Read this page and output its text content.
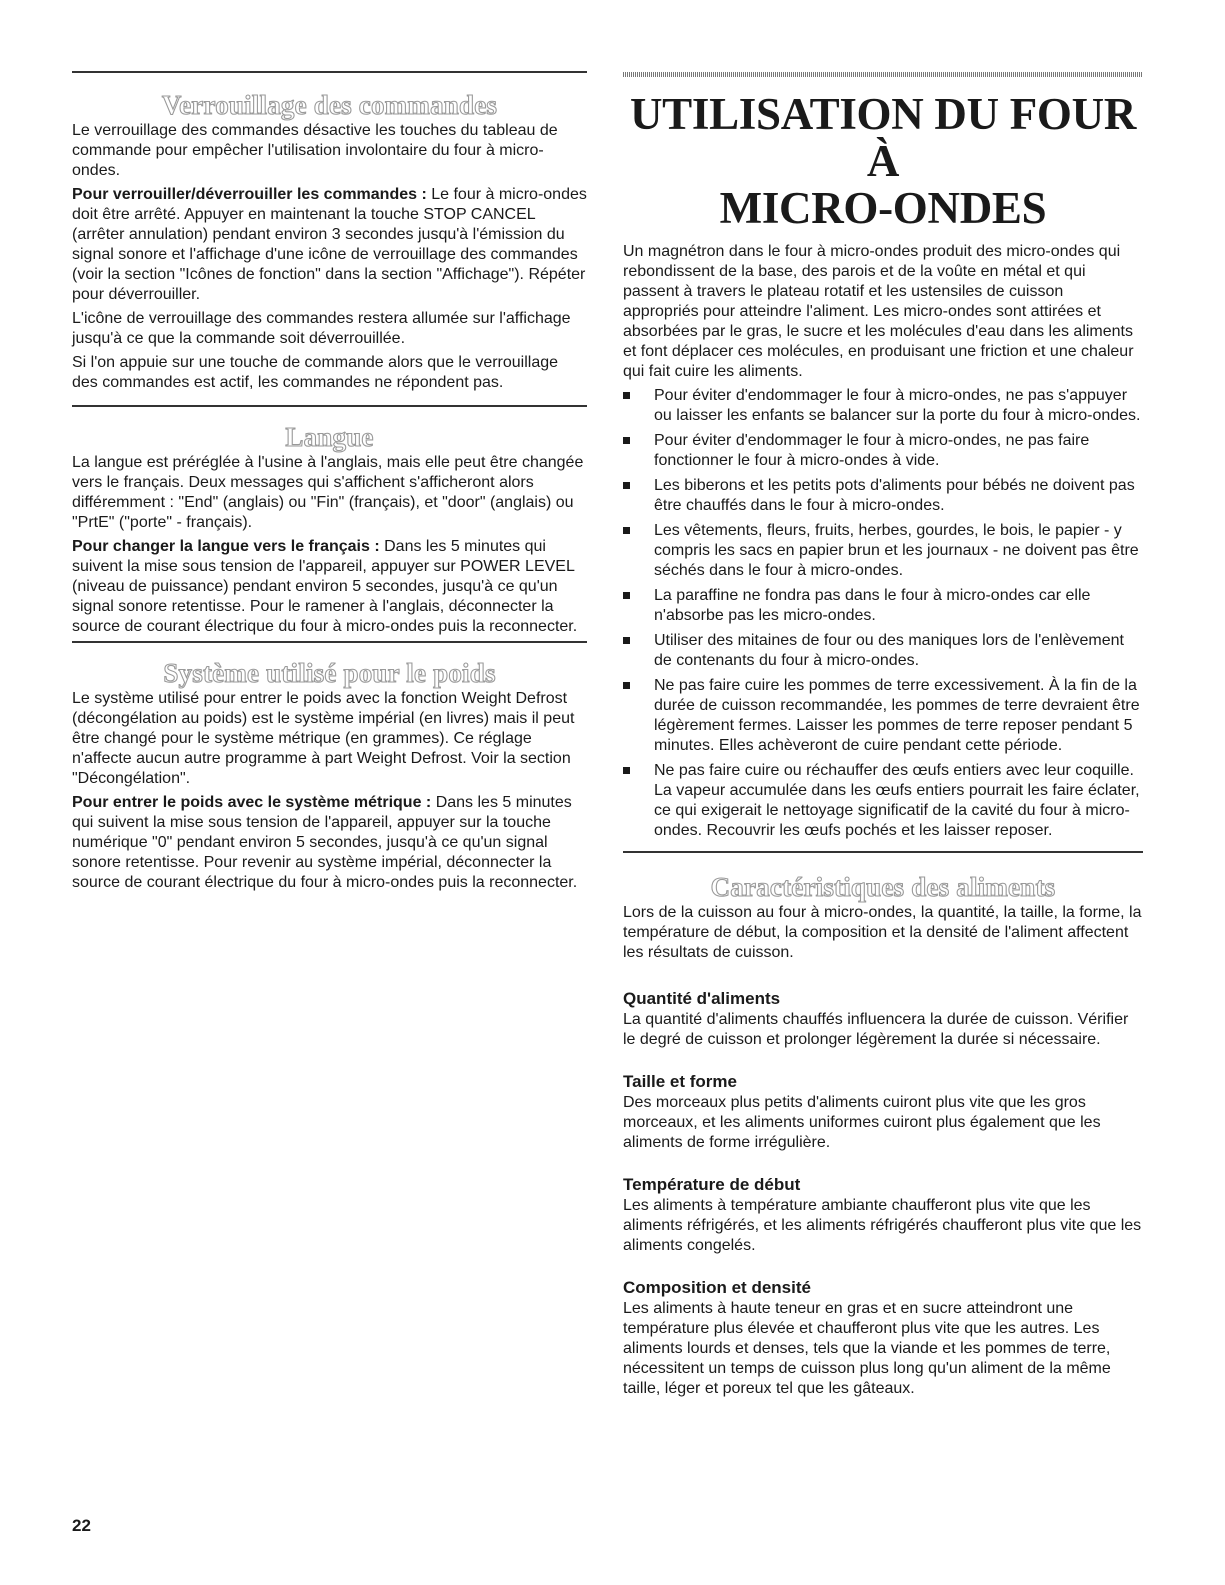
Verrouillage des commandes

Le verrouillage des commandes désactive les touches du tableau de commande pour empêcher l'utilisation involontaire du four à micro-ondes.

Pour verrouiller/déverrouiller les commandes : Le four à micro-ondes doit être arrêté. Appuyer en maintenant la touche STOP CANCEL (arrêter annulation) pendant environ 3 secondes jusqu'à l'émission du signal sonore et l'affichage d'une icône de verrouillage des commandes (voir la section "Icônes de fonction" dans la section "Affichage"). Répéter pour déverrouiller.

L'icône de verrouillage des commandes restera allumée sur l'affichage jusqu'à ce que la commande soit déverrouillée.

Si l'on appuie sur une touche de commande alors que le verrouillage des commandes est actif, les commandes ne répondent pas.

Langue

La langue est préréglée à l'usine à l'anglais, mais elle peut être changée vers le français. Deux messages qui s'affichent s'afficheront alors différemment : "End" (anglais) ou "Fin" (français), et "door" (anglais) ou "PrtE" ("porte" - français).

Pour changer la langue vers le français : Dans les 5 minutes qui suivent la mise sous tension de l'appareil, appuyer sur POWER LEVEL (niveau de puissance) pendant environ 5 secondes, jusqu'à ce qu'un signal sonore retentisse. Pour le ramener à l'anglais, déconnecter la source de courant électrique du four à micro-ondes puis la reconnecter.

Système utilisé pour le poids

Le système utilisé pour entrer le poids avec la fonction Weight Defrost (décongélation au poids) est le système impérial (en livres) mais il peut être changé pour le système métrique (en grammes). Ce réglage n'affecte aucun autre programme à part Weight Defrost. Voir la section "Décongélation".

Pour entrer le poids avec le système métrique : Dans les 5 minutes qui suivent la mise sous tension de l'appareil, appuyer sur la touche numérique "0" pendant environ 5 secondes, jusqu'à ce qu'un signal sonore retentisse. Pour revenir au système impérial, déconnecter la source de courant électrique du four à micro-ondes puis la reconnecter.

UTILISATION DU FOUR À
MICRO-ONDES

Un magnétron dans le four à micro-ondes produit des micro-ondes qui rebondissent de la base, des parois et de la voûte en métal et qui passent à travers le plateau rotatif et les ustensiles de cuisson appropriés pour atteindre l'aliment. Les micro-ondes sont attirées et absorbées par le gras, le sucre et les molécules d'eau dans les aliments et font déplacer ces molécules, en produisant une friction et une chaleur qui fait cuire les aliments.

Pour éviter d'endommager le four à micro-ondes, ne pas s'appuyer ou laisser les enfants se balancer sur la porte du four à micro-ondes.
Pour éviter d'endommager le four à micro-ondes, ne pas faire fonctionner le four à micro-ondes à vide.
Les biberons et les petits pots d'aliments pour bébés ne doivent pas être chauffés dans le four à micro-ondes.
Les vêtements, fleurs, fruits, herbes, gourdes, le bois, le papier - y compris les sacs en papier brun et les journaux - ne doivent pas être séchés dans le four à micro-ondes.
La paraffine ne fondra pas dans le four à micro-ondes car elle n'absorbe pas les micro-ondes.
Utiliser des mitaines de four ou des maniques lors de l'enlèvement de contenants du four à micro-ondes.
Ne pas faire cuire les pommes de terre excessivement. À la fin de la durée de cuisson recommandée, les pommes de terre devraient être légèrement fermes. Laisser les pommes de terre reposer pendant 5 minutes. Elles achèveront de cuire pendant cette période.
Ne pas faire cuire ou réchauffer des œufs entiers avec leur coquille. La vapeur accumulée dans les œufs entiers pourrait les faire éclater, ce qui exigerait le nettoyage significatif de la cavité du four à micro-ondes. Recouvrir les œufs pochés et les laisser reposer.
Caractéristiques des aliments

Lors de la cuisson au four à micro-ondes, la quantité, la taille, la forme, la température de début, la composition et la densité de l'aliment affectent les résultats de cuisson.

Quantité d'aliments

La quantité d'aliments chauffés influencera la durée de cuisson. Vérifier le degré de cuisson et prolonger légèrement la durée si nécessaire.

Taille et forme

Des morceaux plus petits d'aliments cuiront plus vite que les gros morceaux, et les aliments uniformes cuiront plus également que les aliments de forme irrégulière.

Température de début

Les aliments à température ambiante chaufferont plus vite que les aliments réfrigérés, et les aliments réfrigérés chaufferont plus vite que les aliments congelés.

Composition et densité

Les aliments à haute teneur en gras et en sucre atteindront une température plus élevée et chaufferont plus vite que les autres. Les aliments lourds et denses, tels que la viande et les pommes de terre, nécessitent un temps de cuisson plus long qu'un aliment de la même taille, léger et poreux tel que les gâteaux.

22
